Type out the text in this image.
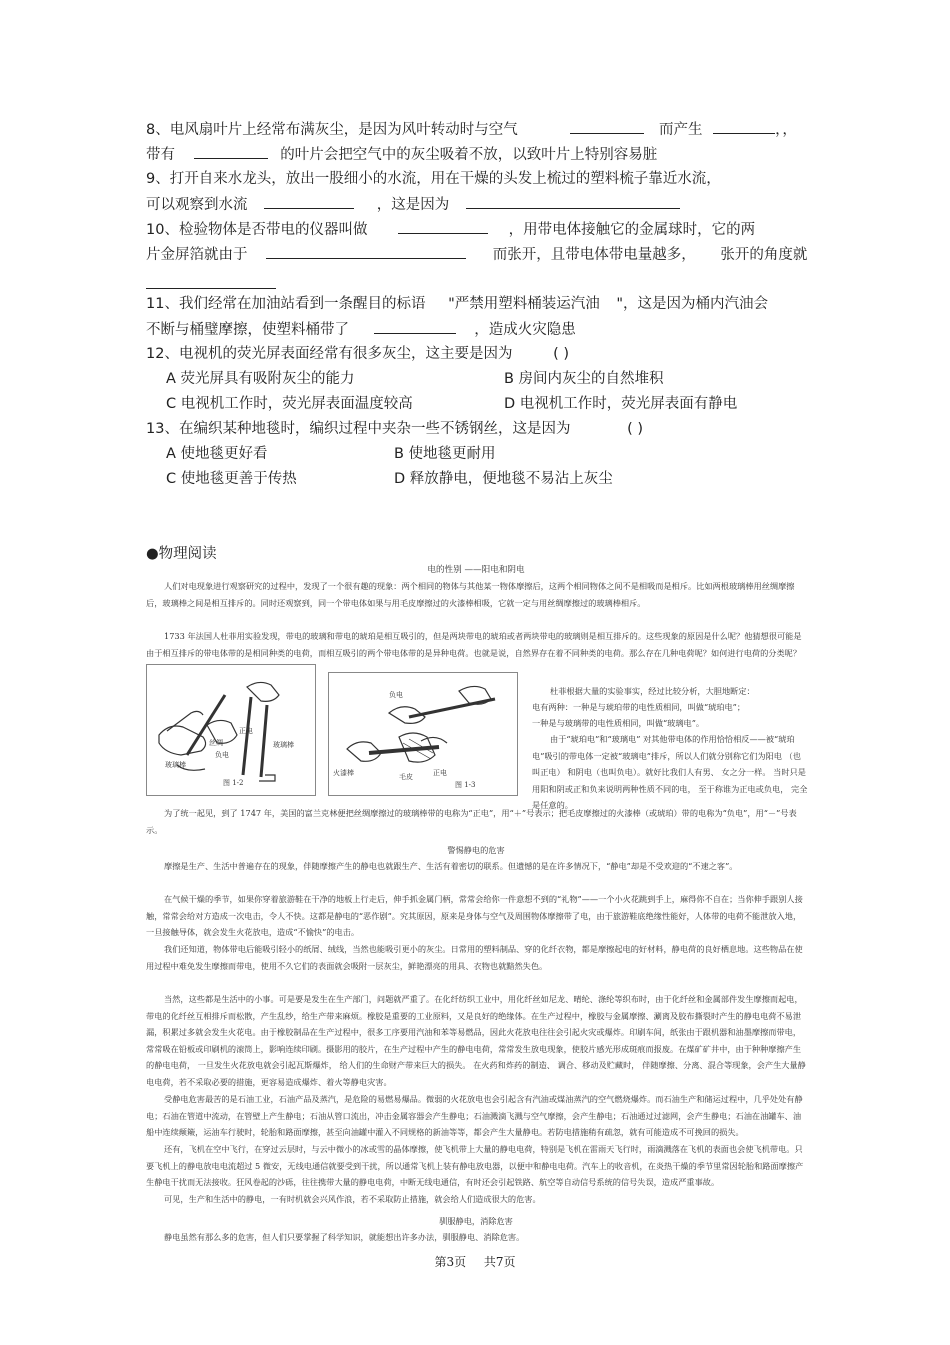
8、电风扇叶片上经常布满灰尘，是因为风叶转动时与空气	而产生	，，
带有	的叶片会把空气中的灰尘吸着不放，以致叶片上特别容易脏
9、打开自来水龙头，放出一股细小的水流，用在干燥的头发上梳过的塑料梳子靠近水流，
可以观察到水流	，这是因为
10、检验物体是否带电的仪器叫做	，用带电体接触它的金属球时，它的两
片金屏箔就由于	而张开，且带电体带电量越多， 张开的角度就
11、我们经常在加油站看到一条醒目的标语 "严禁用塑料桶装运汽油 "，这是因为桶内汽油会
不断与桶璧摩擦，使塑料桶带了	，造成火灾隐患
12、电视机的荧光屏表面经常有很多灰尘，这主要是因为	( )
A 荧光屏具有吸附灰尘的能力	B 房间内灰尘的自然堆积
C 电视机工作时，荧光屏表面温度较高	D 电视机工作时，荧光屏表面有静电
13、在编织某种地毯时，编织过程中夹杂一些不锈钢丝，这是因为	( )
A 使地毯更好看	B 使地毯更耐用
C 使地毯更善于传热	D 释放静电，便地毯不易沾上灰尘
●物理阅读
电的性别 ——阳电和阴电
人们对电现象进行观察研究的过程中，发现了一个很有趣的现象：两个相同的物体与其他某一物体摩擦后，这两个相同物体之间不是相吸而是相斥。比如两根玻璃棒用丝绸摩擦后，玻璃棒之间是相互排斥的。同时还观察到，同一个带电体如果与用毛皮摩擦过的火漆棒相吸，它就一定与用丝绸摩擦过的玻璃棒相斥。
1733 年法国人杜菲用实验发现，带电的玻璃和带电的琥珀是相互吸引的，但是两块带电的琥珀或者两块带电的玻璃则是相互排斥的。这些现象的原因是什么呢？他猜想很可能是由于相互排斥的带电体带的是相同种类的电荷，而相互吸引的两个带电体带的是异种电荷。也就是说，自然界存在着不同种类的电荷。那么存在几种电荷呢？如何进行电荷的分类呢？
玻璃棒
丝绸
正电
负电
玻璃棒
图 1-2
负电
火漆棒	毛皮	正电
图 1-3
杜菲根据大量的实验事实，经过比较分析，大胆地断定：
电有两种：一种是与琥珀带的电性质相同，叫做“琥珀电”；
一种是与玻璃带的电性质相同，叫做“玻璃电”。
由于“琥珀电”和“玻璃电” 对其他带电体的作用恰恰相反——被“琥珀电”吸引的带电体一定被“玻璃电”排斥，所以人们就分别称它们为阳电 （也叫正电） 和阴电（也叫负电）。就好比我们人有男、 女之分一样。 当时只是用阳和阴或正和负来说明两种性质不同的电， 至于称谁为正电或负电， 完全是任意的。
为了统一起见，到了 1747 年，美国的富兰克林便把丝绸摩擦过的玻璃棒带的电称为“正电”，用“＋”号表示；把毛皮摩擦过的火漆棒（或琥珀）带的电称为“负电”，用“－”号表示。
警惕静电的危害
摩擦是生产、生活中普遍存在的现象，伴随摩擦产生的静电也就跟生产、生活有着密切的联系。但遗憾的是在许多情况下，“静电”却是不受欢迎的“不速之客”。
在气候干燥的季节，如果你穿着旅游鞋在干净的地板上行走后，伸手抓金属门柄，常常会给你一件意想不到的“礼物”——一个小火花跳到手上，麻得你不自在；当你伸手跟别人接触，常常会给对方造成一次电击，令人不快。这都是静电的“恶作剧”。究其原因，原来是身体与空气及周围物体摩擦带了电，由于旅游鞋底绝缘性能好，人体带的电荷不能泄放入地，一旦接触导体，就会发生火花放电，造成“不愉快”的电击。
我们还知道，物体带电后能吸引轻小的纸屑、绒线，当然也能吸引更小的灰尘。日常用的塑料制品、穿的化纤衣物，都是摩擦起电的好材料，静电荷的良好栖息地。这些物品在使用过程中难免发生摩擦而带电，使用不久它们的表面就会吸附一层灰尘，鲜艳漂亮的用具、衣物也就黯然失色。
当然，这些都是生活中的小事。可是要是发生在生产部门，问题就严重了。在化纤纺织工业中，用化纤丝如尼龙、晴纶、涤纶等织布时，由于化纤丝和金属部件发生摩擦而起电，带电的化纤丝互相排斥而松散，产生乱纱，给生产带来麻烦。橡胶是重要的工业原料，又是良好的绝缘体。在生产过程中，橡胶与金属摩擦、涮离及胶布撕裂时产生的静电电荷不易泄漏，积累过多就会发生火花电。由于橡胶制品在生产过程中，很多工序要用汽油和苯等易燃品，因此火花放电往往会引起火灾或爆炸。印刷车间，纸张由于跟机器和油墨摩擦而带电，常常吸在铅板或印刷机的滚筒上，影响连续印刷。摄影用的胶片，在生产过程中产生的静电电荷，常常发生放电现象，使胶片感光形成斑痕而报废。在煤矿矿井中，由于种种摩擦产生的静电电荷， 一旦发生火花放电就会引起瓦斯爆炸， 给人们的生命财产带来巨大的损失。 在火药和炸药的制造、 调合、移动及贮藏时， 伴随摩擦、分离、混合等现象，会产生大量静电电荷，若不采取必要的措施，更容易造成爆炸、着火等静电灾害。
受静电危害最苦的是石油工业，石油产品及蒸汽，是危险的易燃易爆品。微弱的火花放电也会引起含有汽油或煤油蒸汽的空气燃烧爆炸。而石油生产和储运过程中，几乎处处有静电；石油在管道中流动，在管壁上产生静电；石油从管口流出，冲击金属容器会产生静电；石油溅滴飞溅与空气摩擦，会产生静电；石油通过过滤网，会产生静电；石油在油罐车、油船中连续颠簸，运油车行驶时，轮胎和路面摩擦，甚至向油罐中灌入不同规格的新油等等，都会产生大量静电。若防电措施稍有疏忽，就有可能造成不可挽回的损失。
还有，飞机在空中飞行，在穿过云层时，与云中微小的冰或雪的晶体摩擦，使飞机带上大量的静电电荷，特别是飞机在雷雨天飞行时，雨滴溅落在飞机的表面也会使飞机带电。只要飞机上的静电放电电流超过 5 微安，无线电通信就要受到干扰，所以通常飞机上装有静电放电器，以便中和静电电荷。汽车上的收音机，在炎热干燥的季节里常因轮胎和路面摩擦产生静电干扰而无法接收。狂风卷起的沙砾，往往携带大量的静电电荷，中断无线电通信，有时还会引起铁路、航空等自动信号系统的信号失误，造成严重事故。
可见，生产和生活中的静电，一有时机就会兴风作浪，若不采取防止措施，就会给人们造成很大的危害。
驯服静电，消除危害
静电虽然有那么多的危害，但人们只要掌握了科学知识，就能想出许多办法，驯服静电、消除危害。
第3页 共7页
